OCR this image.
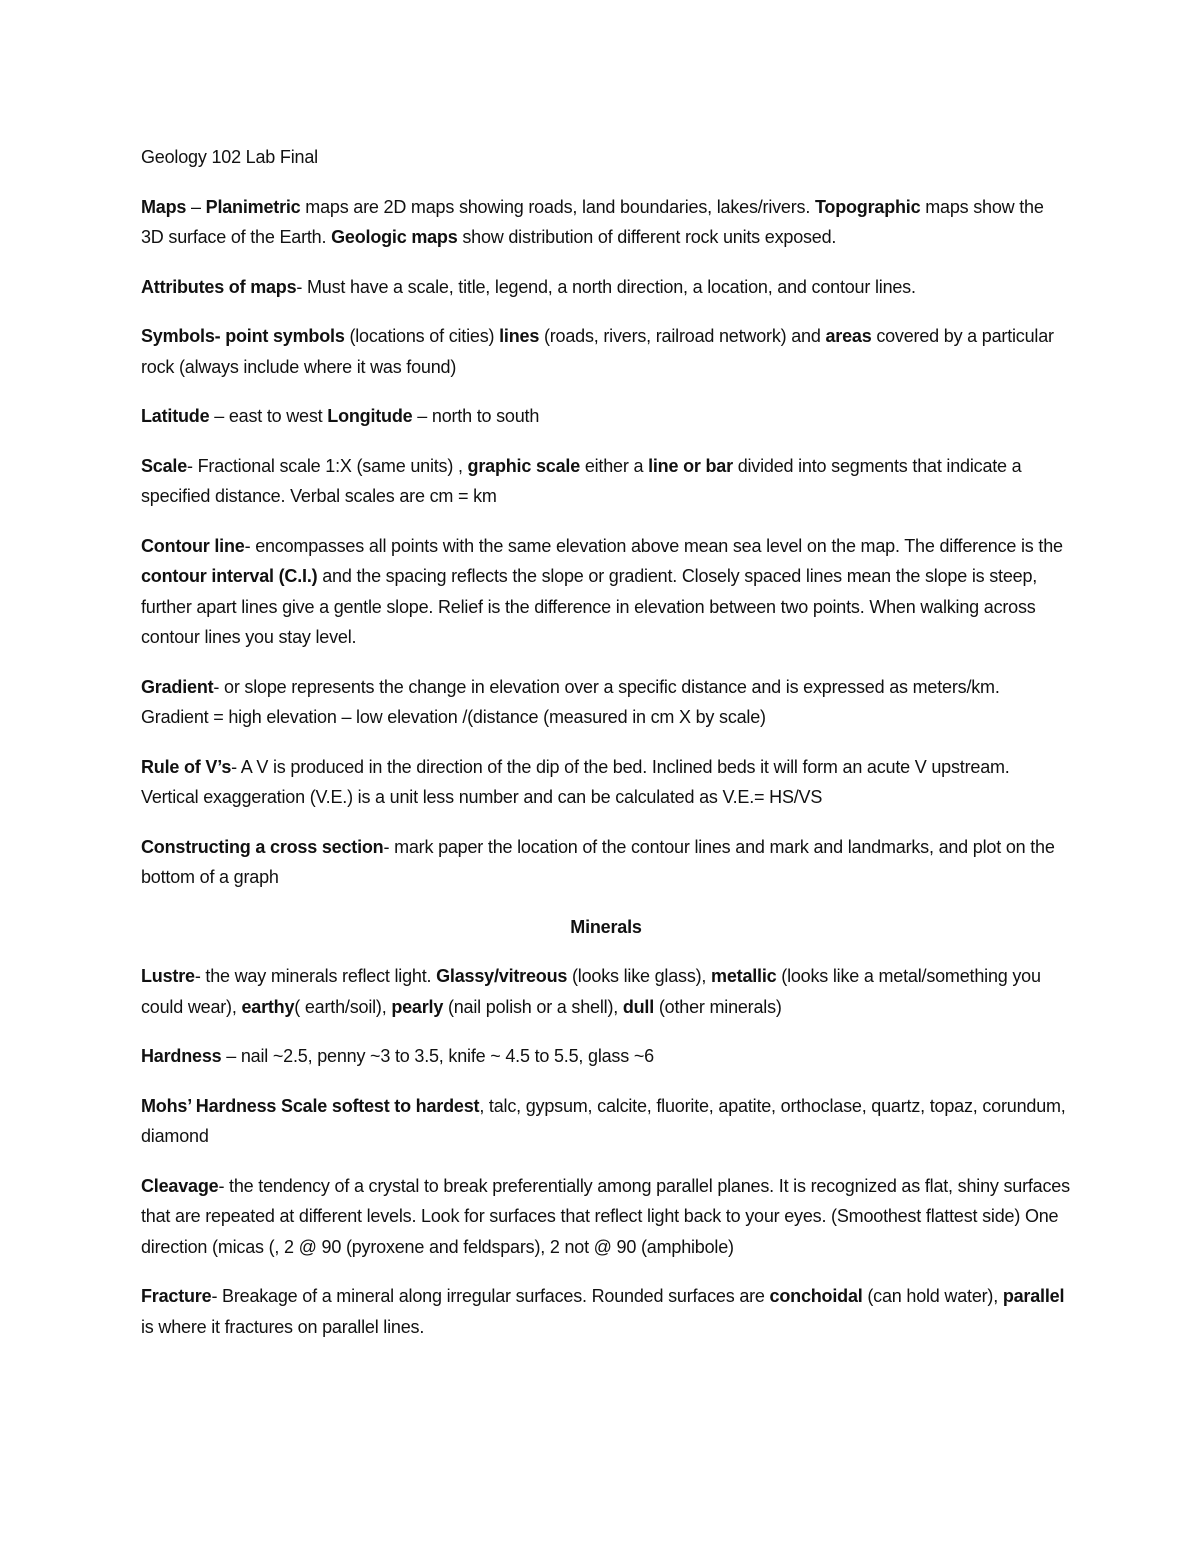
Geology 102 Lab Final

Maps – Planimetric maps are 2D maps showing roads, land boundaries, lakes/rivers. Topographic maps show the 3D surface of the Earth. Geologic maps show distribution of different rock units exposed.

Attributes of maps- Must have a scale, title, legend, a north direction, a location, and contour lines.

Symbols- point symbols (locations of cities) lines (roads, rivers, railroad network) and areas covered by a particular rock (always include where it was found)

Latitude – east to west Longitude – north to south

Scale- Fractional scale 1:X (same units) , graphic scale either a line or bar divided into segments that indicate a specified distance. Verbal scales are cm = km

Contour line- encompasses all points with the same elevation above mean sea level on the map. The difference is the contour interval (C.I.) and the spacing reflects the slope or gradient. Closely spaced lines mean the slope is steep, further apart lines give a gentle slope. Relief is the difference in elevation between two points. When walking across contour lines you stay level.

Gradient- or slope represents the change in elevation over a specific distance and is expressed as meters/km. Gradient = high elevation – low elevation /(distance (measured in cm X by scale)

Rule of V’s- A V is produced in the direction of the dip of the bed. Inclined beds it will form an acute V upstream. Vertical exaggeration (V.E.) is a unit less number and can be calculated as V.E.= HS/VS

Constructing a cross section- mark paper the location of the contour lines and mark and landmarks, and plot on the bottom of a graph

Minerals

Lustre- the way minerals reflect light. Glassy/vitreous (looks like glass), metallic (looks like a metal/something you could wear), earthy( earth/soil), pearly (nail polish or a shell), dull (other minerals)

Hardness – nail ~2.5, penny ~3 to 3.5, knife ~ 4.5 to 5.5, glass ~6

Mohs’ Hardness Scale softest to hardest, talc, gypsum, calcite, fluorite, apatite, orthoclase, quartz, topaz, corundum, diamond

Cleavage- the tendency of a crystal to break preferentially among parallel planes. It is recognized as flat, shiny surfaces that are repeated at different levels. Look for surfaces that reflect light back to your eyes. (Smoothest flattest side) One direction (micas (, 2 @ 90 (pyroxene and feldspars), 2 not @ 90 (amphibole)

Fracture- Breakage of a mineral along irregular surfaces. Rounded surfaces are conchoidal (can hold water), parallel is where it fractures on parallel lines.
